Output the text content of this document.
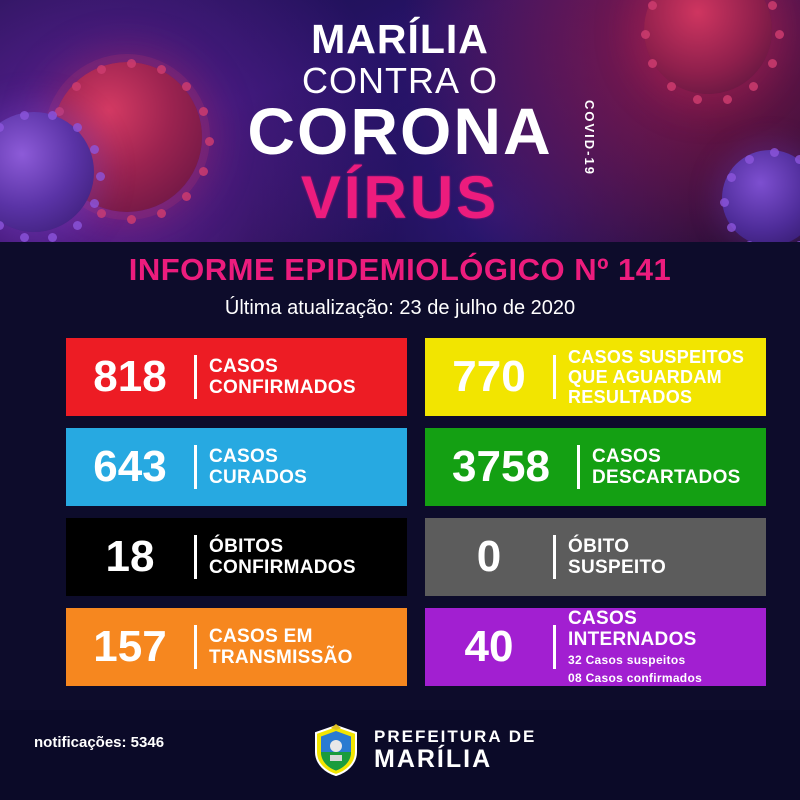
MARÍLIA
CONTRA O
CORONA	COVID-19
VÍRUS
INFORME EPIDEMIOLÓGICO Nº 141
Última atualização: 23 de julho de 2020
818	CASOS
CONFIRMADOS	770	CASOS SUSPEITOS
QUE AGUARDAM
RESULTADOS
643	CASOS
CURADOS	3758	CASOS
DESCARTADOS
18	ÓBITOS
CONFIRMADOS	0	ÓBITO
SUSPEITO
157	CASOS EM
TRANSMISSÃO	40
CASOS INTERNADOS
32 Casos suspeitos
08 Casos confirmados
notificações: 5346	PREFEITURA DE
MARÍLIA
